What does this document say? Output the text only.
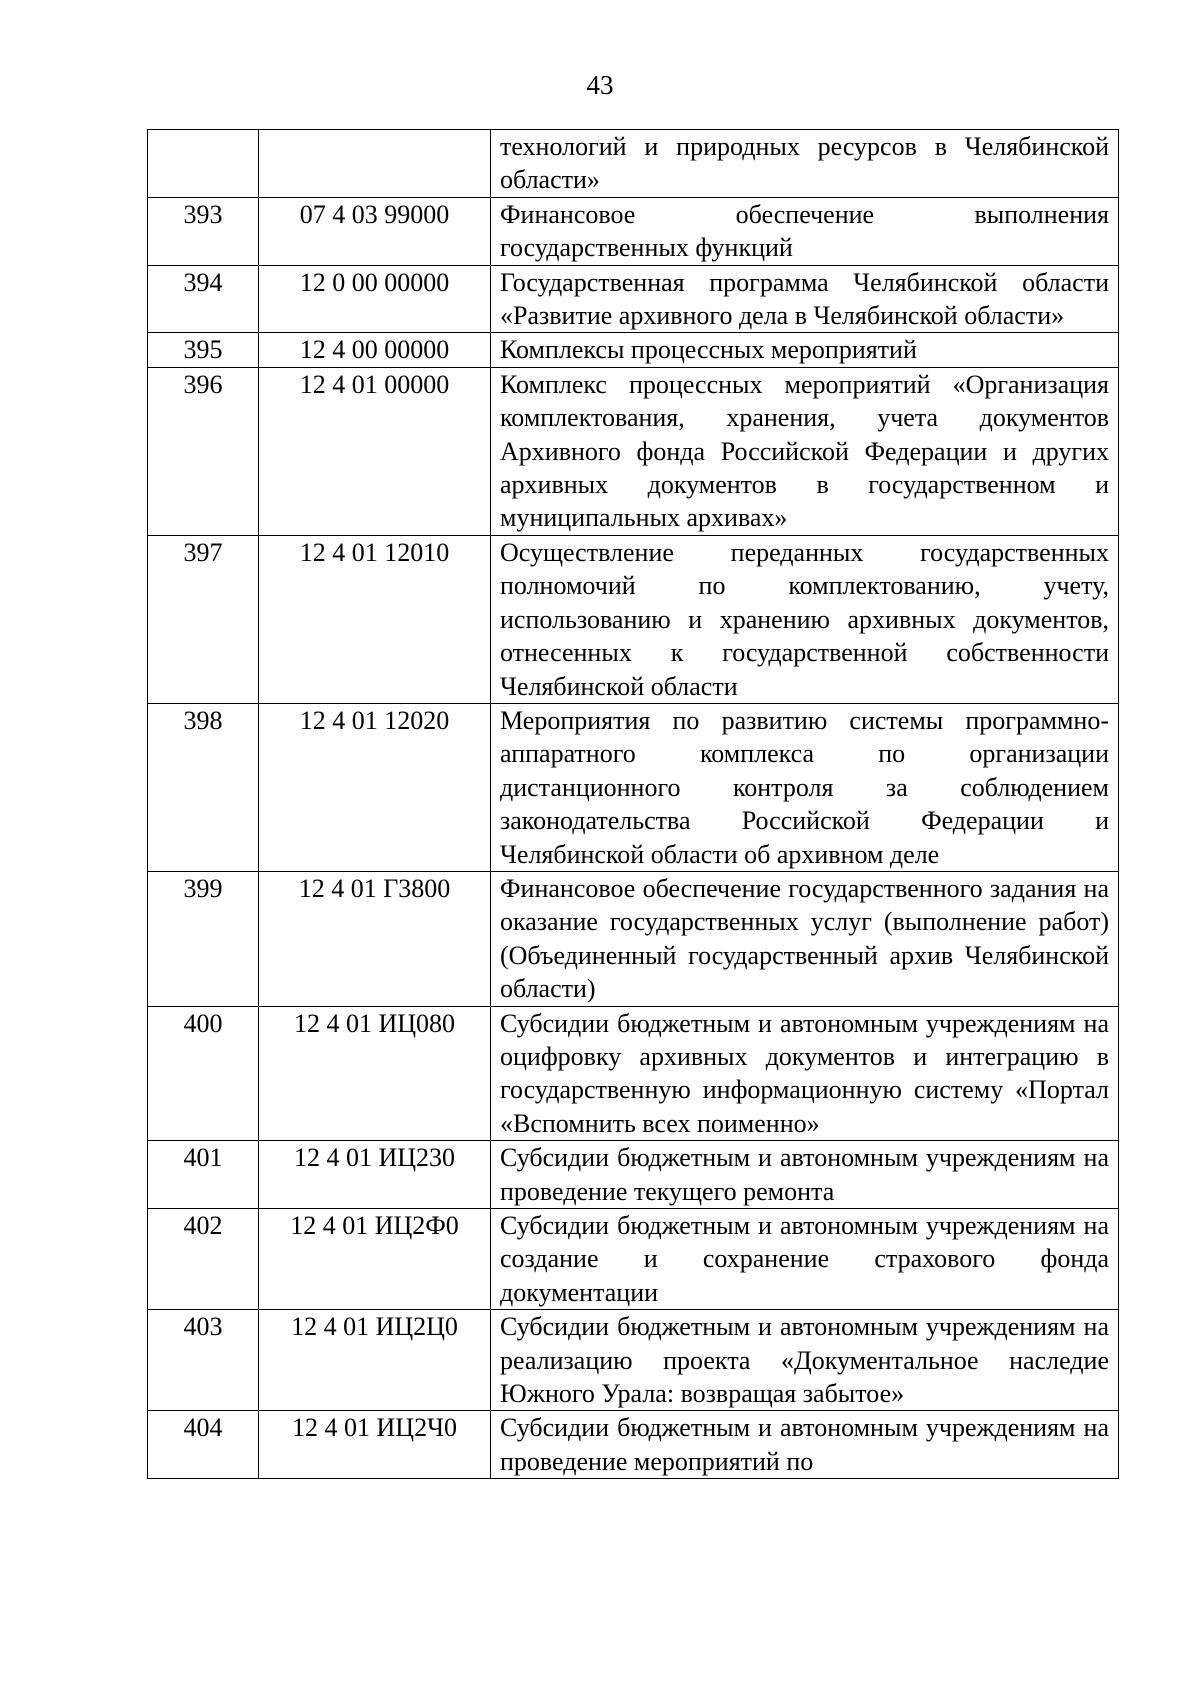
43
		технологий и природных ресурсов в Челябинской области»
393	07 4 03 99000	Финансовое обеспечение выполнения государственных функций
394	12 0 00 00000	Государственная программа Челябинской области «Развитие архивного дела в Челябинской области»
395	12 4 00 00000	Комплексы процессных мероприятий
396	12 4 01 00000	Комплекс процессных мероприятий «Организация комплектования, хранения, учета документов Архивного фонда Российской Федерации и других архивных документов в государственном и муниципальных архивах»
397	12 4 01 12010	Осуществление переданных государственных полномочий по комплектованию, учету, использованию и хранению архивных документов, отнесенных к государственной собственности Челябинской области
398	12 4 01 12020	Мероприятия по развитию системы программно-аппаратного комплекса по организации дистанционного контроля за соблюдением законодательства Российской Федерации и Челябинской области об архивном деле
399	12 4 01 Г3800	Финансовое обеспечение государственного задания на оказание государственных услуг (выполнение работ) (Объединенный государственный архив Челябинской области)
400	12 4 01 ИЦ080	Субсидии бюджетным и автономным учреждениям на оцифровку архивных документов и интеграцию в государственную информационную систему «Портал «Вспомнить всех поименно»
401	12 4 01 ИЦ230	Субсидии бюджетным и автономным учреждениям на проведение текущего ремонта
402	12 4 01 ИЦ2Ф0	Субсидии бюджетным и автономным учреждениям на создание и сохранение страхового фонда документации
403	12 4 01 ИЦ2Ц0	Субсидии бюджетным и автономным учреждениям на реализацию проекта «Документальное наследие Южного Урала: возвращая забытое»
404	12 4 01 ИЦ2Ч0	Субсидии бюджетным и автономным учреждениям на проведение мероприятий по
